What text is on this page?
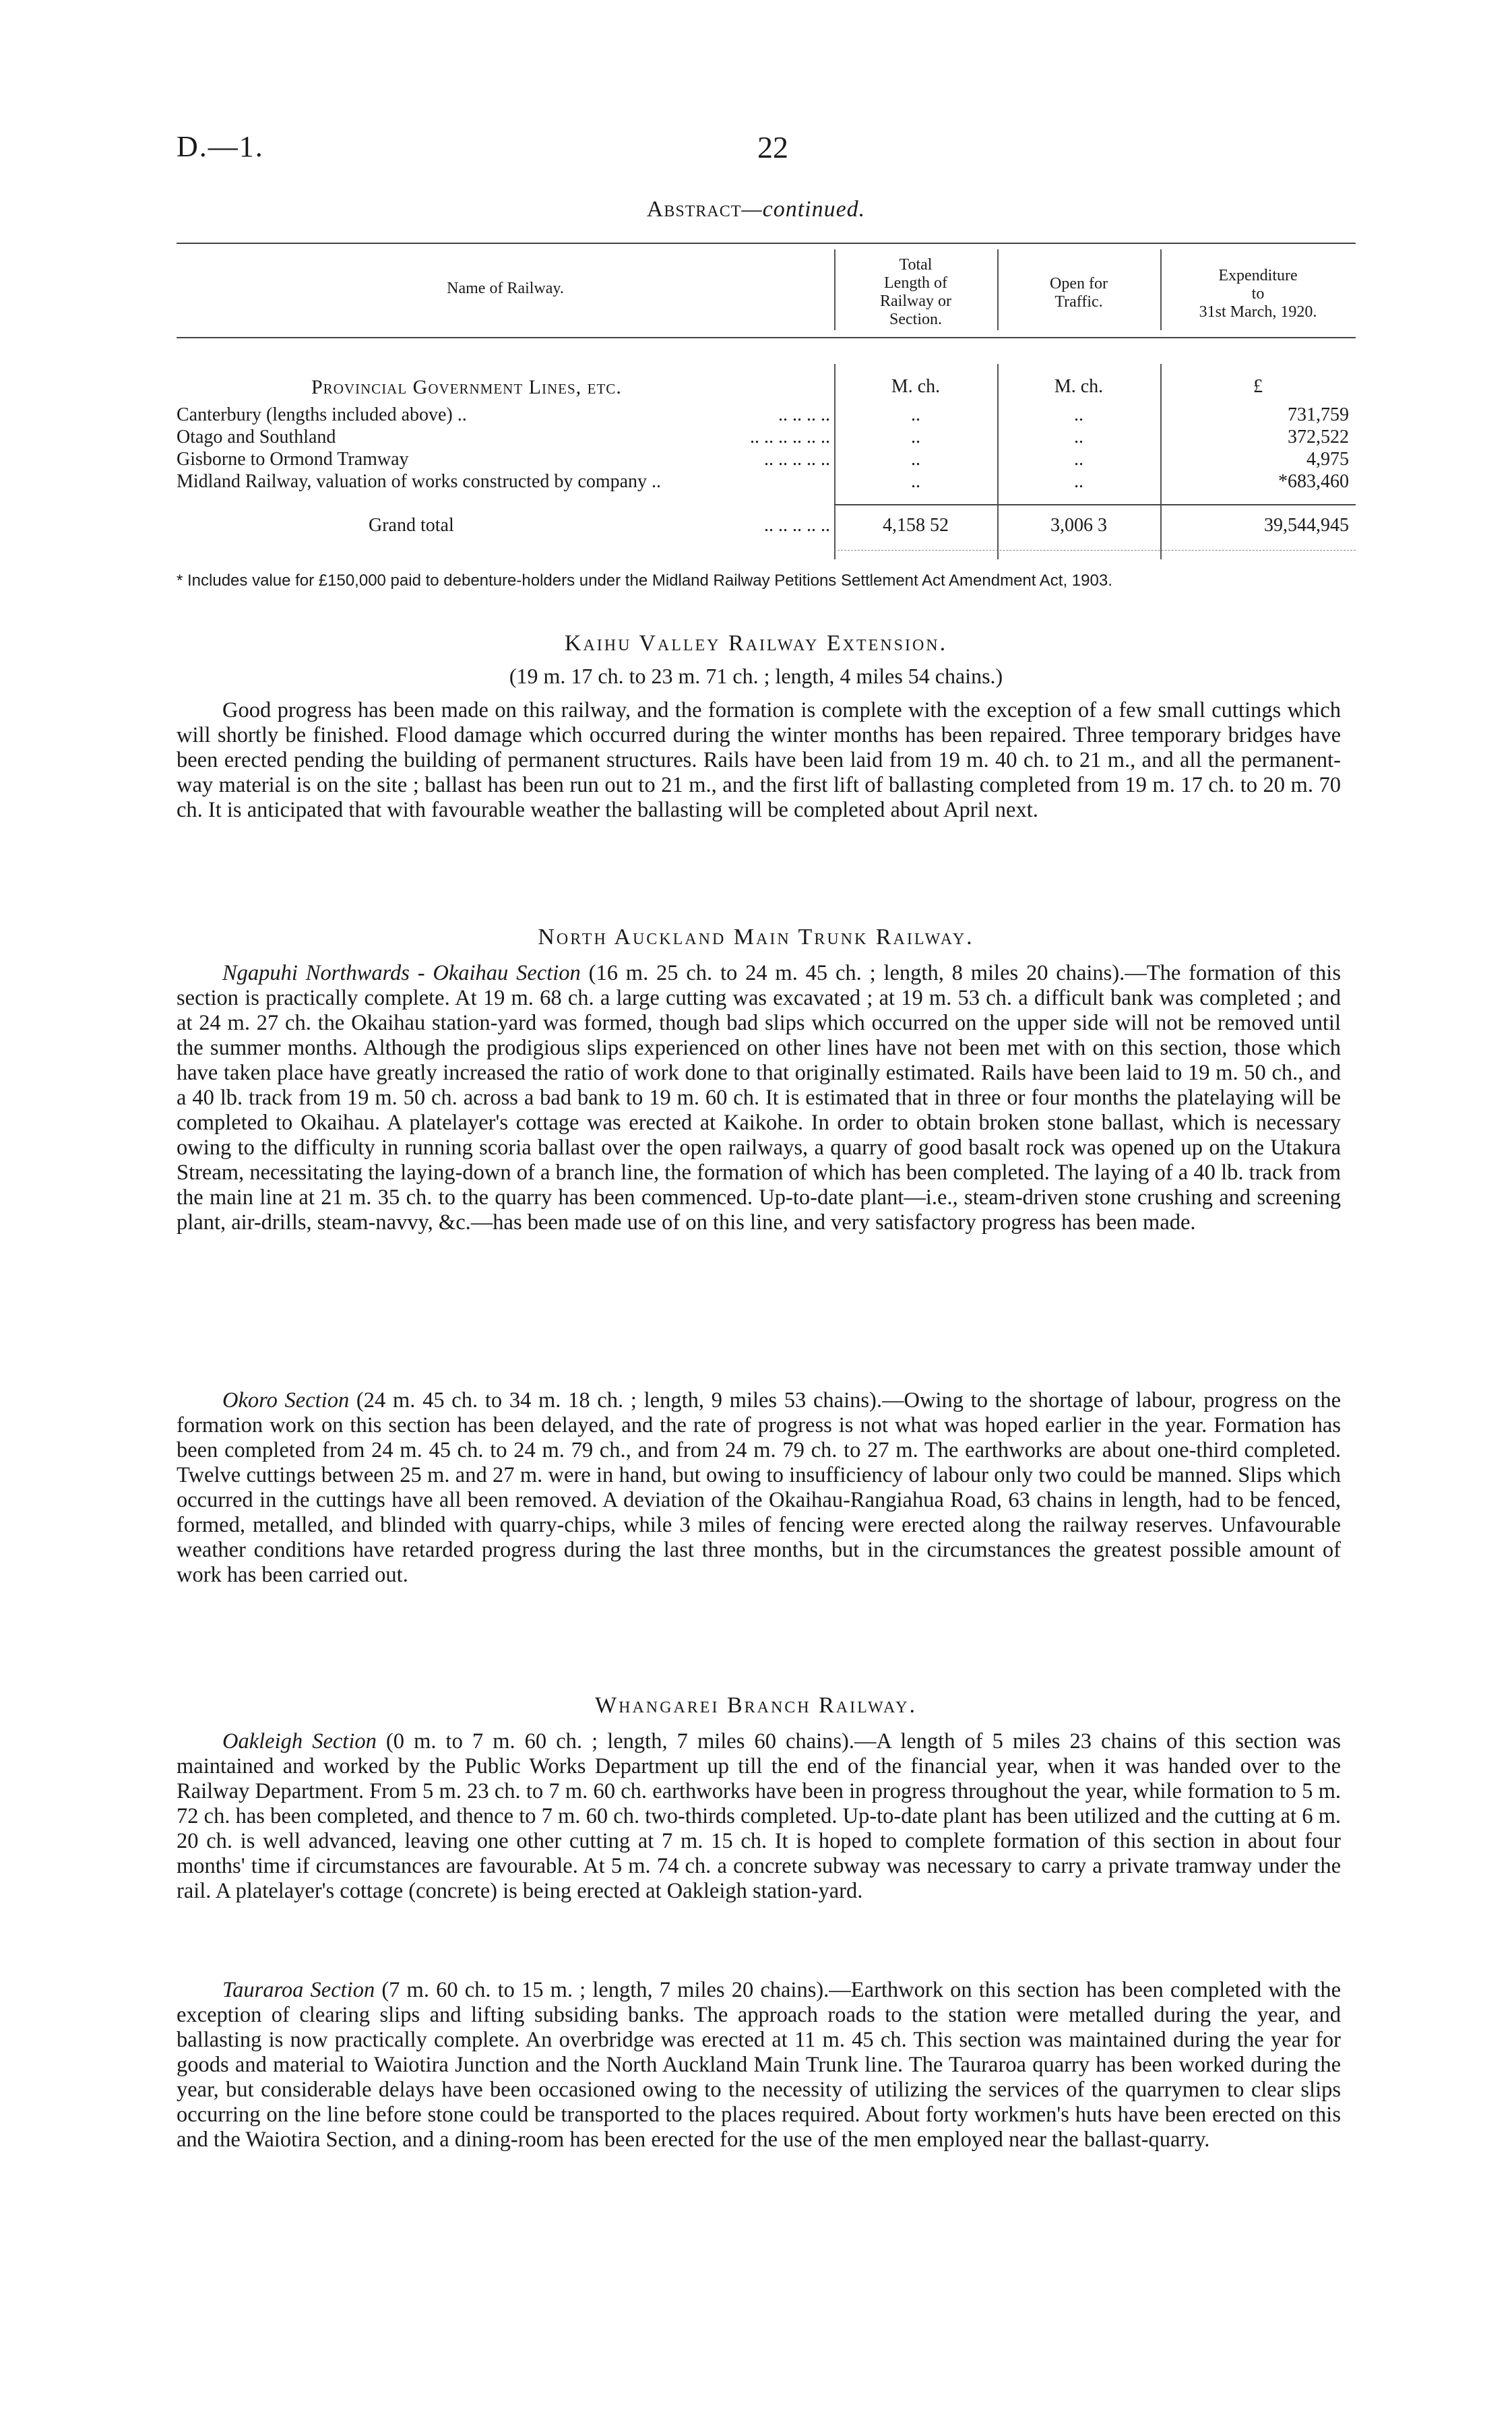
D.—1.	22
Abstract—continued.
Name of Railway.
Total
Length of
Railway or
Section.
Open for
Traffic.
Expenditure
to
31st March, 1920.
Provincial Government Lines, etc.	M. ch.	M. ch.	£
Canterbury (lengths included above) ..	.. .. .. ..	..	..	731,759
Otago and Southland	.. .. .. .. .. ..	..	..	372,522
Gisborne to Ormond Tramway	.. .. .. .. ..	..	..	4,975
Midland Railway, valuation of works constructed by company ..	..	..	*683,460
Grand total	.. .. .. .. ..	4,158 52	3,006 3	39,544,945
* Includes value for £150,000 paid to debenture-holders under the Midland Railway Petitions Settlement Act Amendment Act, 1903.
Kaihu Valley Railway Extension.
(19 m. 17 ch. to 23 m. 71 ch. ; length, 4 miles 54 chains.)
Good progress has been made on this railway, and the formation is complete with the exception of a few small cuttings which will shortly be finished. Flood damage which occurred during the winter months has been repaired. Three temporary bridges have been erected pending the building of permanent structures. Rails have been laid from 19 m. 40 ch. to 21 m., and all the permanent-way material is on the site ; ballast has been run out to 21 m., and the first lift of ballasting completed from 19 m. 17 ch. to 20 m. 70 ch. It is anticipated that with favourable weather the ballasting will be completed about April next.
North Auckland Main Trunk Railway.
Ngapuhi Northwards - Okaihau Section (16 m. 25 ch. to 24 m. 45 ch. ; length, 8 miles 20 chains).—The formation of this section is practically complete. At 19 m. 68 ch. a large cutting was excavated ; at 19 m. 53 ch. a difficult bank was completed ; and at 24 m. 27 ch. the Okaihau station-yard was formed, though bad slips which occurred on the upper side will not be removed until the summer months. Although the prodigious slips experienced on other lines have not been met with on this section, those which have taken place have greatly increased the ratio of work done to that originally estimated. Rails have been laid to 19 m. 50 ch., and a 40 lb. track from 19 m. 50 ch. across a bad bank to 19 m. 60 ch. It is estimated that in three or four months the platelaying will be completed to Okaihau. A platelayer's cottage was erected at Kaikohe. In order to obtain broken stone ballast, which is necessary owing to the difficulty in running scoria ballast over the open railways, a quarry of good basalt rock was opened up on the Utakura Stream, necessitating the laying-down of a branch line, the formation of which has been completed. The laying of a 40 lb. track from the main line at 21 m. 35 ch. to the quarry has been commenced. Up-to-date plant—i.e., steam-driven stone crushing and screening plant, air-drills, steam-navvy, &c.—has been made use of on this line, and very satisfactory progress has been made.
Okoro Section (24 m. 45 ch. to 34 m. 18 ch. ; length, 9 miles 53 chains).—Owing to the shortage of labour, progress on the formation work on this section has been delayed, and the rate of progress is not what was hoped earlier in the year. Formation has been completed from 24 m. 45 ch. to 24 m. 79 ch., and from 24 m. 79 ch. to 27 m. The earthworks are about one-third completed. Twelve cuttings between 25 m. and 27 m. were in hand, but owing to insufficiency of labour only two could be manned. Slips which occurred in the cuttings have all been removed. A deviation of the Okaihau-Rangiahua Road, 63 chains in length, had to be fenced, formed, metalled, and blinded with quarry-chips, while 3 miles of fencing were erected along the railway reserves. Unfavourable weather conditions have retarded progress during the last three months, but in the circumstances the greatest possible amount of work has been carried out.
Whangarei Branch Railway.
Oakleigh Section (0 m. to 7 m. 60 ch. ; length, 7 miles 60 chains).—A length of 5 miles 23 chains of this section was maintained and worked by the Public Works Department up till the end of the financial year, when it was handed over to the Railway Department. From 5 m. 23 ch. to 7 m. 60 ch. earthworks have been in progress throughout the year, while formation to 5 m. 72 ch. has been completed, and thence to 7 m. 60 ch. two-thirds completed. Up-to-date plant has been utilized and the cutting at 6 m. 20 ch. is well advanced, leaving one other cutting at 7 m. 15 ch. It is hoped to complete formation of this section in about four months' time if circumstances are favourable. At 5 m. 74 ch. a concrete subway was necessary to carry a private tramway under the rail. A platelayer's cottage (concrete) is being erected at Oakleigh station-yard.
Tauraroa Section (7 m. 60 ch. to 15 m. ; length, 7 miles 20 chains).—Earthwork on this section has been completed with the exception of clearing slips and lifting subsiding banks. The approach roads to the station were metalled during the year, and ballasting is now practically complete. An overbridge was erected at 11 m. 45 ch. This section was maintained during the year for goods and material to Waiotira Junction and the North Auckland Main Trunk line. The Tauraroa quarry has been worked during the year, but considerable delays have been occasioned owing to the necessity of utilizing the services of the quarrymen to clear slips occurring on the line before stone could be transported to the places required. About forty workmen's huts have been erected on this and the Waiotira Section, and a dining-room has been erected for the use of the men employed near the ballast-quarry.
